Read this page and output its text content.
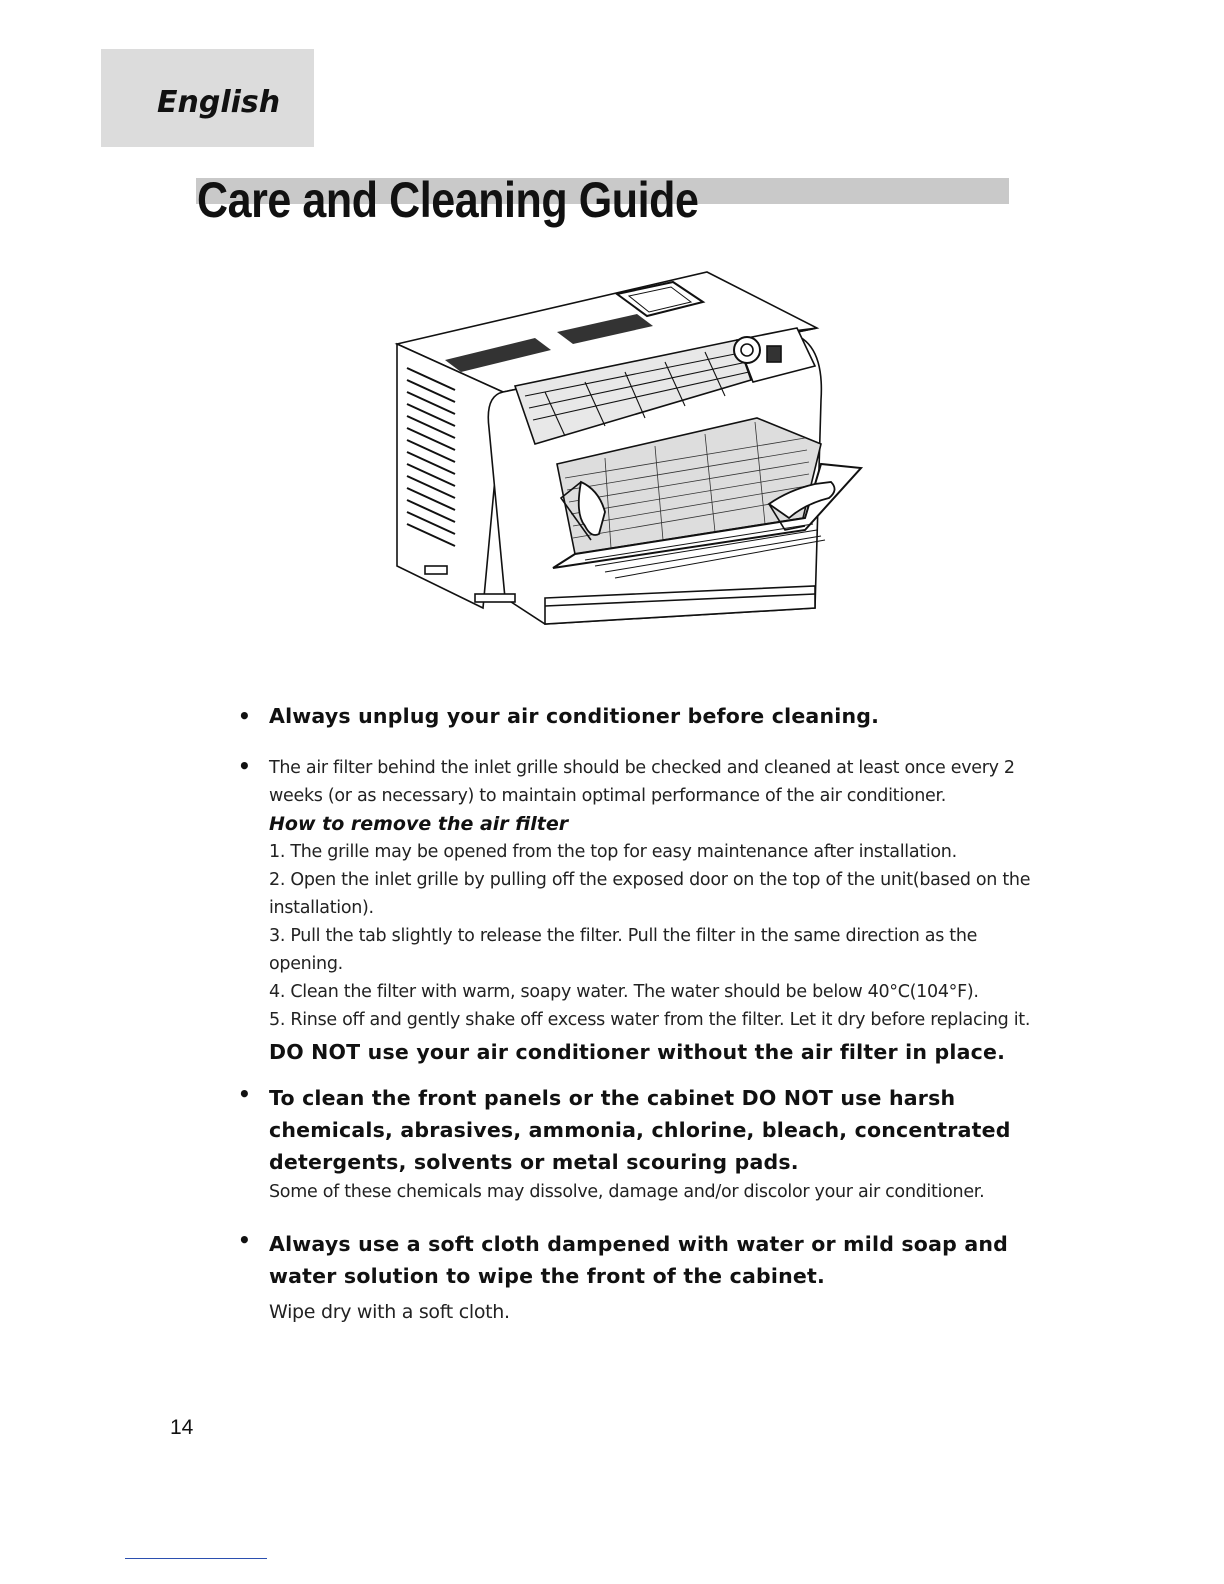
English
Care and Cleaning Guide
• Always unplug your air conditioner before cleaning.
• The air filter behind the inlet grille should be checked and cleaned at least once every 2 weeks (or as necessary) to maintain optimal performance of the air conditioner.
How to remove the air filter
1. The grille may be opened from the top for easy maintenance after installation.
2. Open the inlet grille by pulling off the exposed door on the top of the unit(based on the installation).
3. Pull the tab slightly to release the filter. Pull the filter in the same direction as the opening.
4. Clean the filter with warm, soapy water. The water should be below 40°C(104°F).
5. Rinse off and gently shake off excess water from the filter. Let it dry before replacing it.
DO NOT use your air conditioner without the air filter in place.
• To clean the front panels or the cabinet DO NOT use harsh chemicals, abrasives, ammonia, chlorine, bleach, concentrated detergents, solvents or metal scouring pads.
Some of these chemicals may dissolve, damage and/or discolor your air conditioner.
• Always use a soft cloth dampened with water or mild soap and water solution to wipe the front of the cabinet.
Wipe dry with a soft cloth.
14
